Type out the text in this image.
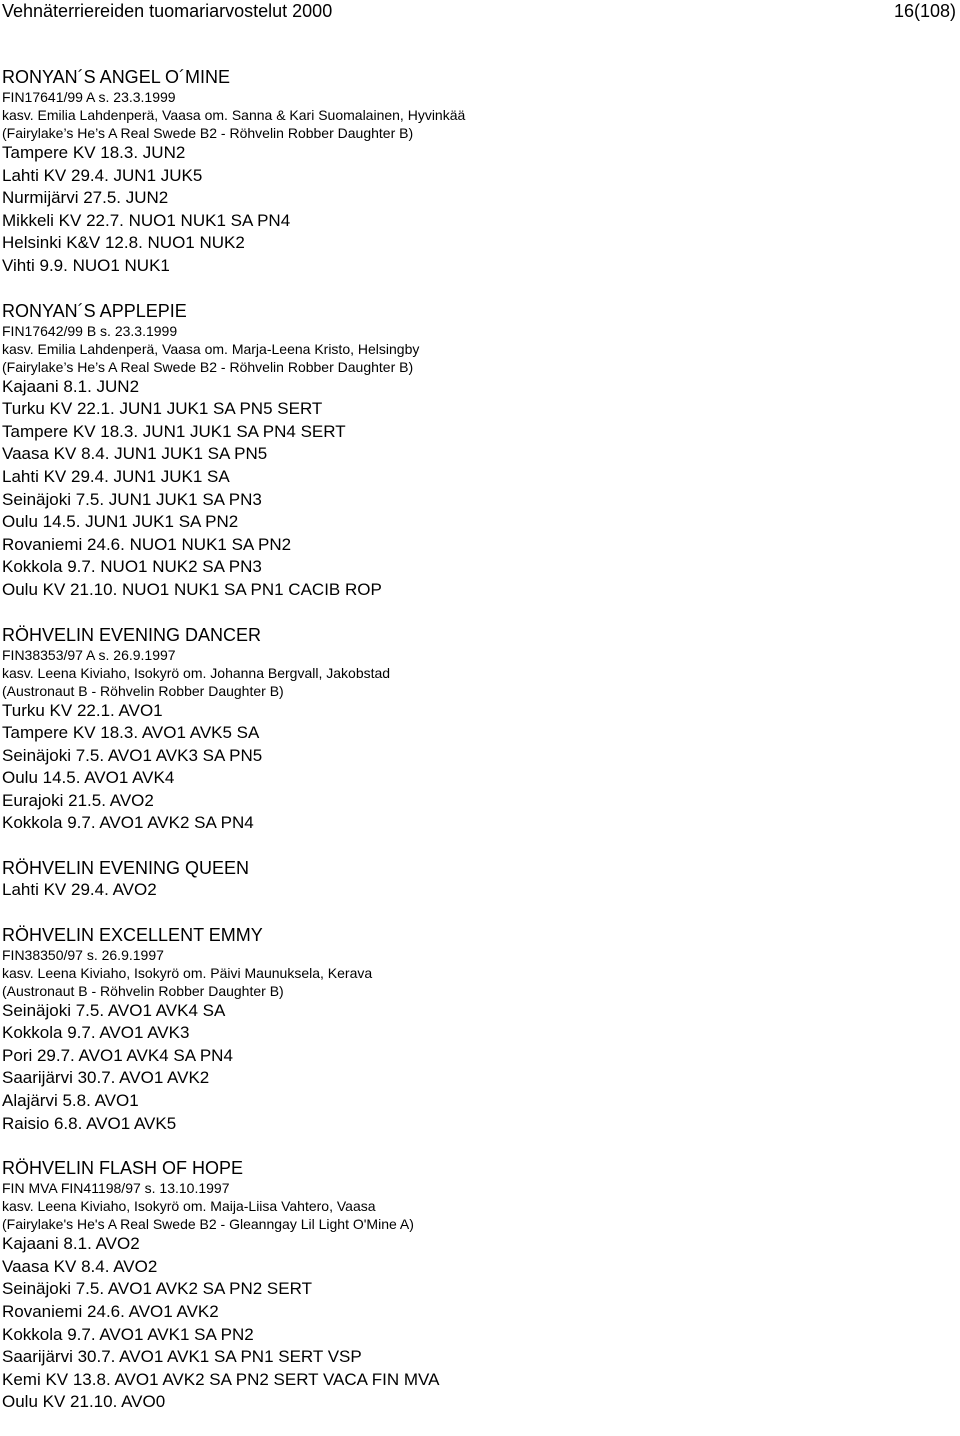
Vehnäterriereiden tuomariarvostelut 2000	16(108)
RONYAN´S ANGEL O´MINE
FIN17641/99 A s. 23.3.1999
kasv. Emilia Lahdenperä, Vaasa om. Sanna & Kari Suomalainen, Hyvinkää
(Fairylake’s He’s A Real Swede B2 - Röhvelin Robber Daughter B)
Tampere KV 18.3. JUN2
Lahti KV 29.4. JUN1 JUK5
Nurmijärvi 27.5. JUN2
Mikkeli KV 22.7. NUO1 NUK1 SA PN4
Helsinki K&V 12.8. NUO1 NUK2
Vihti 9.9. NUO1 NUK1
RONYAN´S APPLEPIE
FIN17642/99 B s. 23.3.1999
kasv. Emilia Lahdenperä, Vaasa om. Marja-Leena Kristo, Helsingby
(Fairylake’s He’s A Real Swede B2 - Röhvelin Robber Daughter B)
Kajaani 8.1. JUN2
Turku KV 22.1. JUN1 JUK1 SA PN5 SERT
Tampere KV 18.3. JUN1 JUK1 SA PN4 SERT
Vaasa KV 8.4. JUN1 JUK1 SA PN5
Lahti KV 29.4. JUN1 JUK1 SA
Seinäjoki 7.5. JUN1 JUK1 SA PN3
Oulu 14.5. JUN1 JUK1 SA PN2
Rovaniemi 24.6. NUO1 NUK1 SA PN2
Kokkola 9.7. NUO1 NUK2 SA PN3
Oulu KV 21.10. NUO1 NUK1 SA PN1 CACIB ROP
RÖHVELIN EVENING DANCER
FIN38353/97 A s. 26.9.1997
kasv. Leena Kiviaho, Isokyrö om. Johanna Bergvall, Jakobstad
(Austronaut B - Röhvelin Robber Daughter B)
Turku KV 22.1. AVO1
Tampere KV 18.3. AVO1 AVK5 SA
Seinäjoki 7.5. AVO1 AVK3 SA PN5
Oulu 14.5. AVO1 AVK4
Eurajoki 21.5. AVO2
Kokkola 9.7. AVO1 AVK2 SA PN4
RÖHVELIN EVENING QUEEN
Lahti KV 29.4. AVO2
RÖHVELIN EXCELLENT EMMY
FIN38350/97 s. 26.9.1997
kasv. Leena Kiviaho, Isokyrö om. Päivi Maunuksela, Kerava
(Austronaut B - Röhvelin Robber Daughter B)
Seinäjoki 7.5. AVO1 AVK4 SA
Kokkola 9.7. AVO1 AVK3
Pori 29.7. AVO1 AVK4 SA PN4
Saarijärvi 30.7. AVO1 AVK2
Alajärvi 5.8. AVO1
Raisio 6.8. AVO1 AVK5
RÖHVELIN FLASH OF HOPE
FIN MVA FIN41198/97 s. 13.10.1997
kasv. Leena Kiviaho, Isokyrö om. Maija-Liisa Vahtero, Vaasa
(Fairylake's He's A Real Swede B2 - Gleanngay Lil Light O'Mine A)
Kajaani 8.1. AVO2
Vaasa KV 8.4. AVO2
Seinäjoki 7.5. AVO1 AVK2 SA PN2 SERT
Rovaniemi 24.6. AVO1 AVK2
Kokkola 9.7. AVO1 AVK1 SA PN2
Saarijärvi 30.7. AVO1 AVK1 SA PN1 SERT VSP
Kemi KV 13.8. AVO1 AVK2 SA PN2 SERT VACA FIN MVA
Oulu KV 21.10. AVO0
